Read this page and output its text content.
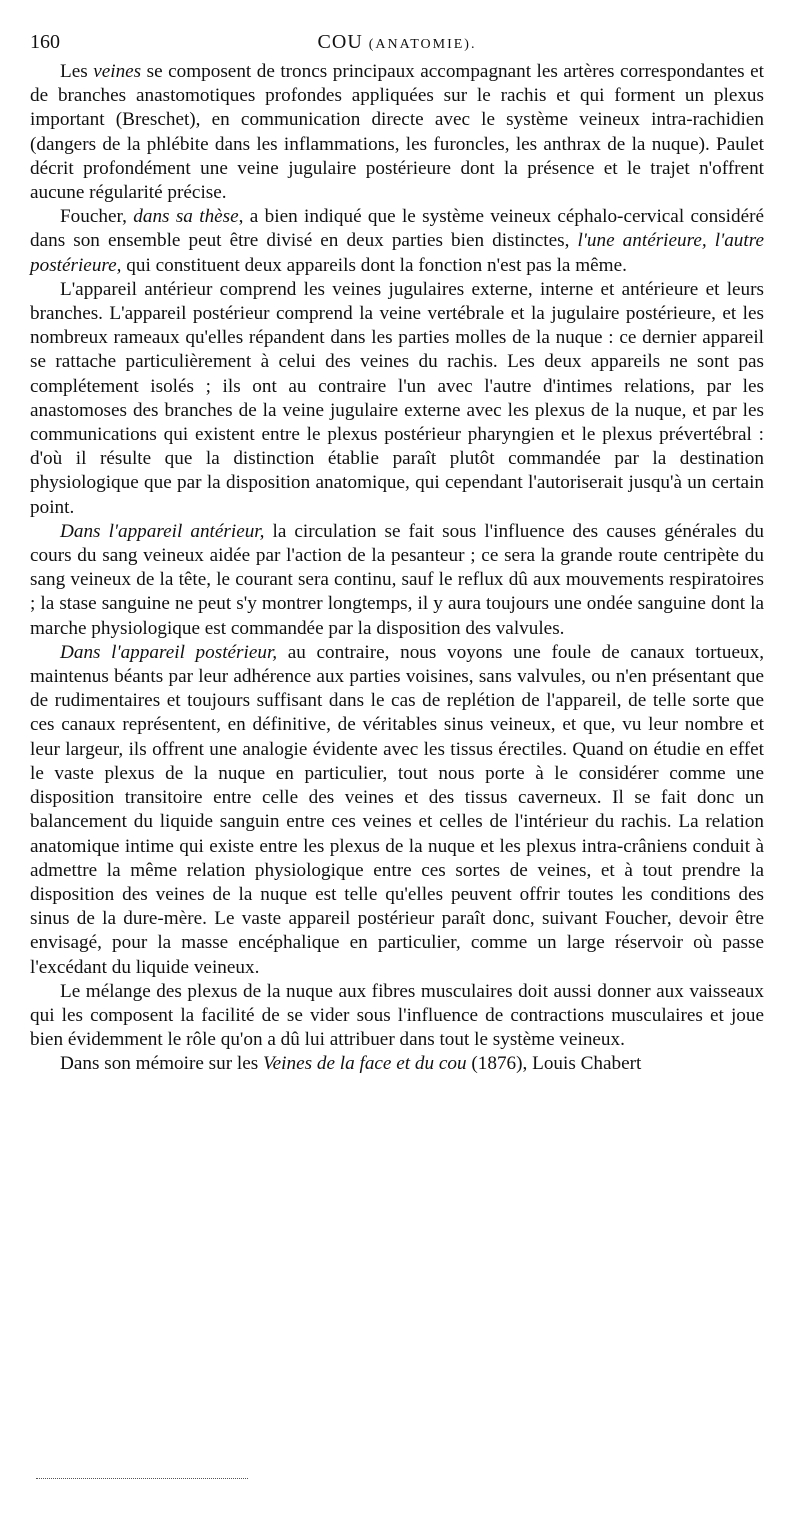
160	COU (ANATOMIE).

Les veines se composent de troncs principaux accompagnant les artères correspondantes et de branches anastomotiques profondes appliquées sur le rachis et qui forment un plexus important (Breschet), en communication directe avec le système veineux intra-rachidien (dangers de la phlébite dans les inflammations, les furoncles, les anthrax de la nuque). Paulet décrit profondément une veine jugulaire postérieure dont la présence et le trajet n'offrent aucune régularité précise.

Foucher, dans sa thèse, a bien indiqué que le système veineux céphalo-cervical considéré dans son ensemble peut être divisé en deux parties bien distinctes, l'une antérieure, l'autre postérieure, qui constituent deux appareils dont la fonction n'est pas la même.

L'appareil antérieur comprend les veines jugulaires externe, interne et antérieure et leurs branches. L'appareil postérieur comprend la veine vertébrale et la jugulaire postérieure, et les nombreux rameaux qu'elles répandent dans les parties molles de la nuque : ce dernier appareil se rattache particulièrement à celui des veines du rachis. Les deux appareils ne sont pas complétement isolés ; ils ont au contraire l'un avec l'autre d'intimes relations, par les anastomoses des branches de la veine jugulaire externe avec les plexus de la nuque, et par les communications qui existent entre le plexus postérieur pharyngien et le plexus prévertébral : d'où il résulte que la distinction établie paraît plutôt commandée par la destination physiologique que par la disposition anatomique, qui cependant l'autoriserait jusqu'à un certain point.

Dans l'appareil antérieur, la circulation se fait sous l'influence des causes générales du cours du sang veineux aidée par l'action de la pesanteur ; ce sera la grande route centripète du sang veineux de la tête, le courant sera continu, sauf le reflux dû aux mouvements respiratoires ; la stase sanguine ne peut s'y montrer longtemps, il y aura toujours une ondée sanguine dont la marche physiologique est commandée par la disposition des valvules.

Dans l'appareil postérieur, au contraire, nous voyons une foule de canaux tortueux, maintenus béants par leur adhérence aux parties voisines, sans valvules, ou n'en présentant que de rudimentaires et toujours suffisant dans le cas de replétion de l'appareil, de telle sorte que ces canaux représentent, en définitive, de véritables sinus veineux, et que, vu leur nombre et leur largeur, ils offrent une analogie évidente avec les tissus érectiles. Quand on étudie en effet le vaste plexus de la nuque en particulier, tout nous porte à le considérer comme une disposition transitoire entre celle des veines et des tissus caverneux. Il se fait donc un balancement du liquide sanguin entre ces veines et celles de l'intérieur du rachis. La relation anatomique intime qui existe entre les plexus de la nuque et les plexus intra-crâniens conduit à admettre la même relation physiologique entre ces sortes de veines, et à tout prendre la disposition des veines de la nuque est telle qu'elles peuvent offrir toutes les conditions des sinus de la dure-mère. Le vaste appareil postérieur paraît donc, suivant Foucher, devoir être envisagé, pour la masse encéphalique en particulier, comme un large réservoir où passe l'excédant du liquide veineux.

Le mélange des plexus de la nuque aux fibres musculaires doit aussi donner aux vaisseaux qui les composent la facilité de se vider sous l'influence de contractions musculaires et joue bien évidemment le rôle qu'on a dû lui attribuer dans tout le système veineux.

Dans son mémoire sur les Veines de la face et du cou (1876), Louis Chabert
